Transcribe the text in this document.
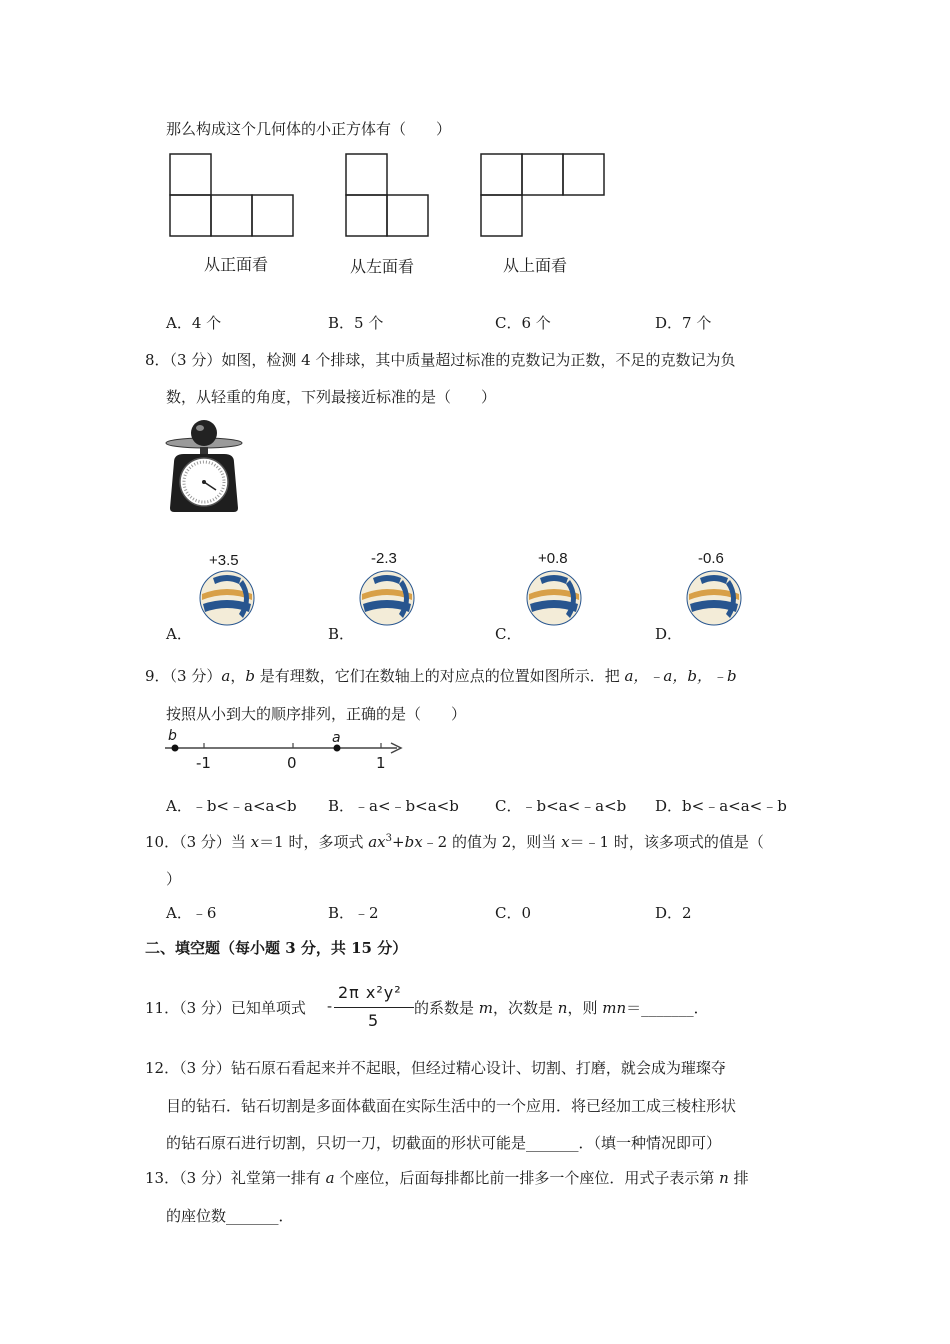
那么构成这个几何体的小正方体有（　　）
从正面看	从左面看	从上面看
A．4 个	B．5 个	C．6 个	D．7 个
8．（3 分）如图，检测 4 个排球，其中质量超过标准的克数记为正数，不足的克数记为负
数，从轻重的角度，下列最接近标准的是（　　）
+3.5	-2.3	+0.8	-0.6
A．	B．	C．	D．
9．（3 分）a，b 是有理数，它们在数轴上的对应点的位置如图所示．把 a，﹣a，b，﹣b
按照从小到大的顺序排列，正确的是（　　）
b	a
-1	0	1
A．﹣b<﹣a<a<b B．﹣a<﹣b<a<b C．﹣b<a<﹣a<b D．b<﹣a<a<﹣b
10．（3 分）当 x＝1 时，多项式 $ax^3+bx﹣2$ 的值为 2，则当 x＝﹣1 时，该多项式的值是（
）
A．﹣6	B．﹣2	C．0	D．2
二、填空题（每小题 3 分，共 15 分）
11．（3 分）已知单项式 -
2π x²y²
5
的系数是 m，次数是 n，则 mn＝_______．
12．（3 分）钻石原石看起来并不起眼，但经过精心设计、切割、打磨，就会成为璀璨夺
目的钻石．钻石切割是多面体截面在实际生活中的一个应用．将已经加工成三棱柱形状
的钻石原石进行切割，只切一刀，切截面的形状可能是_______．（填一种情况即可）
13．（3 分）礼堂第一排有 a 个座位，后面每排都比前一排多一个座位．用式子表示第 n 排
的座位数_______．
